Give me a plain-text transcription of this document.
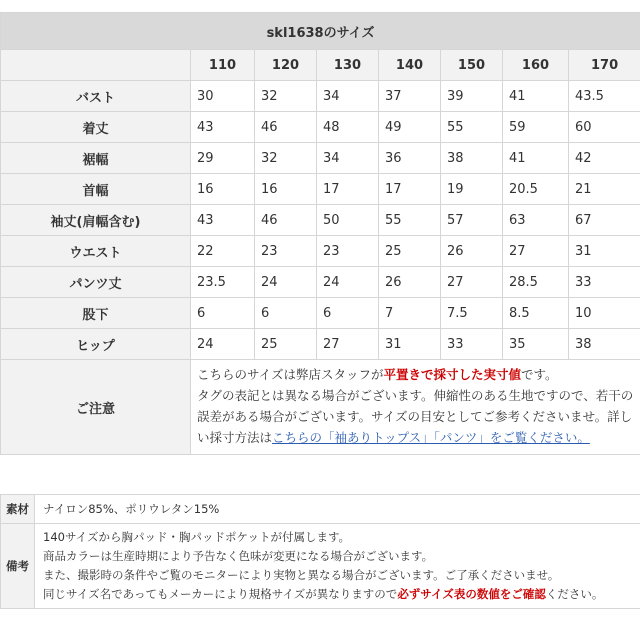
skl1638のサイズ							
	110	120	130	140	150	160	170
バスト	30	32	34	37	39	41	43.5
着丈	43	46	48	49	55	59	60
裾幅	29	32	34	36	38	41	42
首幅	16	16	17	17	19	20.5	21
袖丈(肩幅含む)	43	46	50	55	57	63	67
ウエスト	22	23	23	25	26	27	31
パンツ丈	23.5	24	24	26	27	28.5	33
股下	6	6	6	7	7.5	8.5	10
ヒップ	24	25	27	31	33	35	38
ご注意	こちらのサイズは弊店スタッフが平置きで採寸した実寸値です。
タグの表記とは異なる場合がございます。伸縮性のある生地ですので、若干の誤差がある場合がございます。サイズの目安としてご参考くださいませ。詳しい採寸方法はこちらの「袖ありトップス」「パンツ」をご覧ください。						
素材	ナイロン85%、ポリウレタン15%
備考	140サイズから胸パッド・胸パッドポケットが付属します。
商品カラーは生産時期により予告なく色味が変更になる場合がございます。
また、撮影時の条件やご覧のモニターにより実物と異なる場合がございます。ご了承くださいませ。
同じサイズ名であってもメーカーにより規格サイズが異なりますので必ずサイズ表の数値をご確認ください。
